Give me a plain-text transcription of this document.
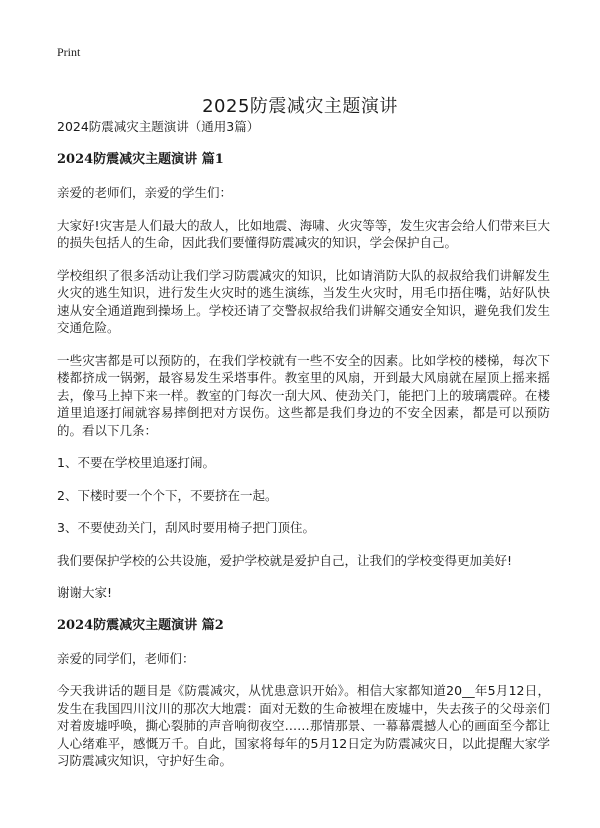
Print
2025防震减灾主题演讲

2024防震减灾主题演讲（通用3篇）

2024防震减灾主题演讲 篇1

亲爱的老师们，亲爱的学生们：

大家好!灾害是人们最大的敌人，比如地震、海啸、火灾等等，发生灾害会给人们带来巨大的损失包括人的生命，因此我们要懂得防震减灾的知识，学会保护自己。

学校组织了很多活动让我们学习防震减灾的知识，比如请消防大队的叔叔给我们讲解发生火灾的逃生知识，进行发生火灾时的逃生演练，当发生火灾时，用毛巾捂住嘴，站好队快速从安全通道跑到操场上。学校还请了交警叔叔给我们讲解交通安全知识，避免我们发生交通危险。

一些灾害都是可以预防的，在我们学校就有一些不安全的因素。比如学校的楼梯，每次下楼都挤成一锅粥，最容易发生采塔事件。教室里的风扇，开到最大风扇就在屋顶上摇来摇去，像马上掉下来一样。教室的门每次一刮大风、使劲关门，能把门上的玻璃震碎。在楼道里追逐打闹就容易摔倒把对方误伤。这些都是我们身边的不安全因素，都是可以预防的。看以下几条：

1、不要在学校里追逐打闹。

2、下楼时要一个个下，不要挤在一起。

3、不要使劲关门，刮风时要用椅子把门顶住。

我们要保护学校的公共设施，爱护学校就是爱护自己，让我们的学校变得更加美好!

谢谢大家!

2024防震减灾主题演讲 篇2

亲爱的同学们，老师们：

今天我讲话的题目是《防震减灾，从忧患意识开始》。相信大家都知道20__年5月12日，发生在我国四川汶川的那次大地震：面对无数的生命被埋在废墟中，失去孩子的父母亲们对着废墟呼唤，撕心裂肺的声音响彻夜空……那情那景、一幕幕震撼人心的画面至今都让人心绪难平，感慨万千。自此，国家将每年的5月12日定为防震减灾日，以此提醒大家学习防震减灾知识，守护好生命。
